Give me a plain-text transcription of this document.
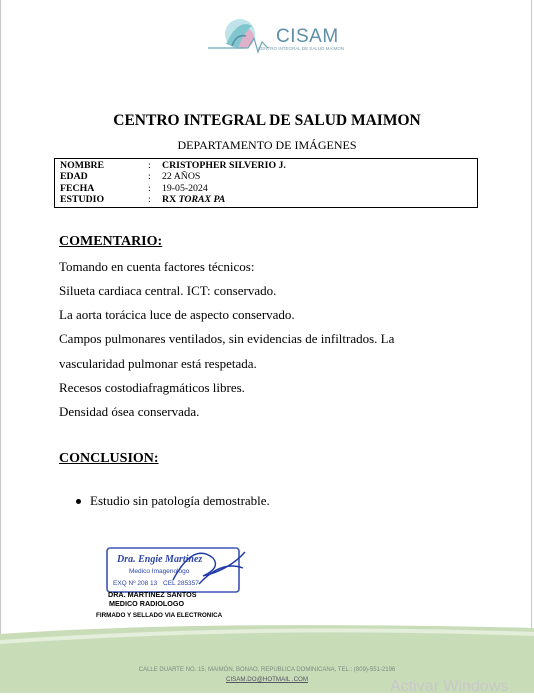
CISAM
CENTRO INTEGRAL DE SALUD MAIMON
CENTRO INTEGRAL DE SALUD MAIMON
DEPARTAMENTO DE IMÁGENES
NOMBRE	:	CRISTOPHER SILVERIO J.
EDAD	:	22 AÑOS
FECHA	:	19-05-2024
ESTUDIO	:	RX TORAX PA
COMENTARIO:
Tomando en cuenta factores técnicos:
Silueta cardiaca central. ICT: conservado.
La aorta torácica luce de aspecto conservado.
Campos pulmonares ventilados, sin evidencias de infiltrados. La
vascularidad pulmonar está respetada.
Recesos costodiafragmáticos libres.
Densidad ósea conservada.
CONCLUSION:
Estudio sin patología demostrable.
Dra. Engie Martinez
Medico Imagenologo
EXQ Nº 208 13 CEL 285357
DRA. MARTINEZ SANTOS
MEDICO RADIOLOGO
FIRMADO Y SELLADO VIA ELECTRONICA
CALLE DUARTE NO. 15, MAIMÓN, BONAO, REPUBLICA DOMINICANA, TEL.: (809)-551-2196
CISAM.DO@HOTMAIL .COM	Activar Windows
